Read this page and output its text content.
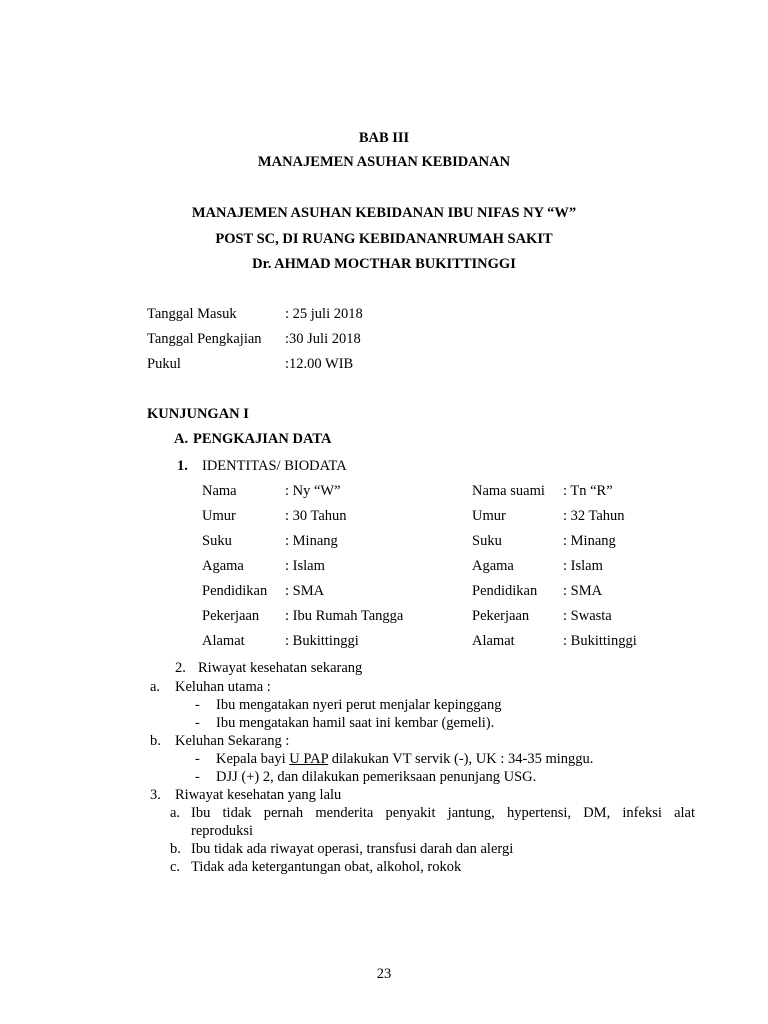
BAB III
MANAJEMEN ASUHAN KEBIDANAN
MANAJEMEN ASUHAN KEBIDANAN IBU NIFAS NY “W”
POST SC, DI RUANG KEBIDANANRUMAH SAKIT
Dr. AHMAD MOCTHAR BUKITTINGGI
Tanggal Masuk	: 25 juli 2018
Tanggal Pengkajian :30 Juli 2018
Pukul	:12.00 WIB
KUNJUNGAN I
A. PENGKAJIAN DATA
1. IDENTITAS/ BIODATA
Nama	: Ny “W”	Nama suami : Tn “R”
Umur	: 30 Tahun	Umur	: 32 Tahun
Suku	: Minang	Suku	: Minang
Agama	: Islam	Agama	: Islam
Pendidikan : SMA	Pendidikan : SMA
Pekerjaan : Ibu Rumah Tangga	Pekerjaan : Swasta
Alamat	: Bukittinggi	Alamat	: Bukittinggi
2. Riwayat kesehatan sekarang
a. Keluhan utama :
- Ibu mengatakan nyeri perut menjalar kepinggang
- Ibu mengatakan hamil saat ini kembar (gemeli).
b. Keluhan Sekarang :
- Kepala bayi U PAP dilakukan VT servik (-), UK : 34-35 minggu.
- DJJ (+) 2, dan dilakukan pemeriksaan penunjang USG.
3. Riwayat kesehatan yang lalu
a. Ibu tidak pernah menderita penyakit jantung, hypertensi, DM, infeksi alat
reproduksi
b. Ibu tidak ada riwayat operasi, transfusi darah dan alergi
c. Tidak ada ketergantungan obat, alkohol, rokok
23
